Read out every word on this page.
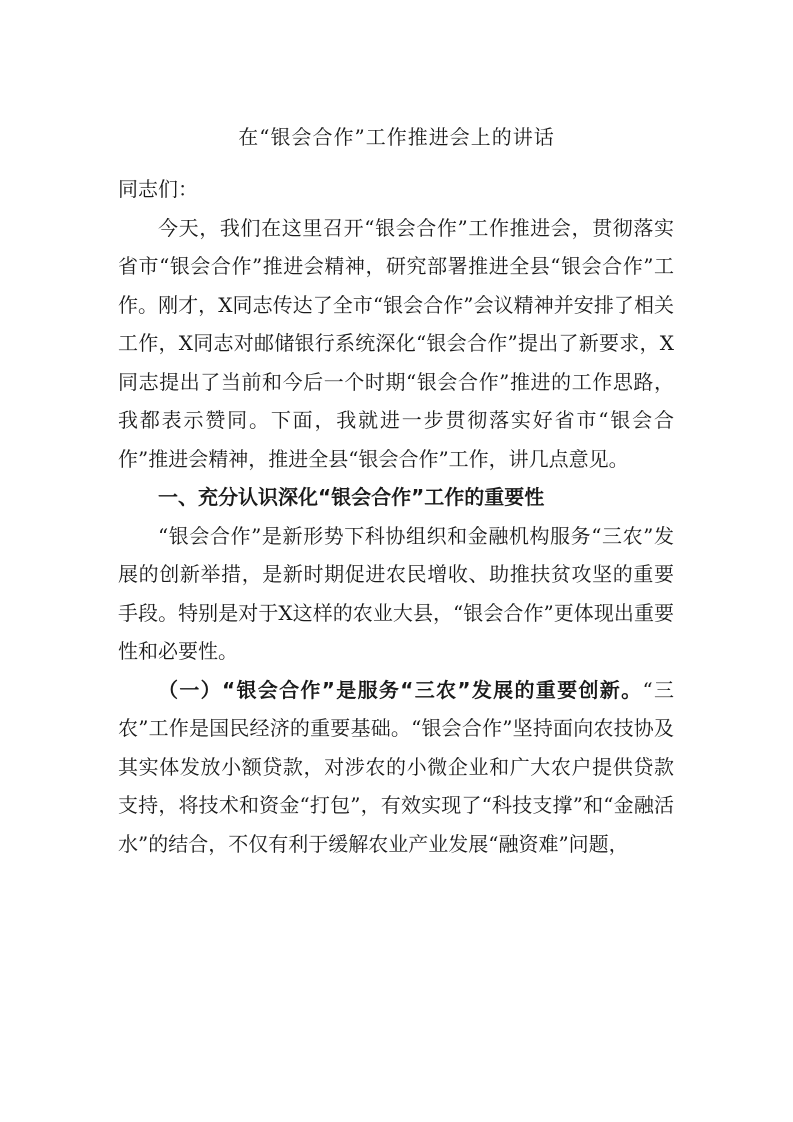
在“银会合作”工作推进会上的讲话

同志们：

今天，我们在这里召开“银会合作”工作推进会，贯彻落实省市“银会合作”推进会精神，研究部署推进全县“银会合作”工作。刚才，X同志传达了全市“银会合作”会议精神并安排了相关工作，X同志对邮储银行系统深化“银会合作”提出了新要求，X同志提出了当前和今后一个时期“银会合作”推进的工作思路，我都表示赞同。下面，我就进一步贯彻落实好省市“银会合作”推进会精神，推进全县“银会合作”工作，讲几点意见。

一、充分认识深化“银会合作”工作的重要性

“银会合作”是新形势下科协组织和金融机构服务“三农”发展的创新举措，是新时期促进农民增收、助推扶贫攻坚的重要手段。特别是对于X这样的农业大县，“银会合作”更体现出重要性和必要性。

（一）“银会合作”是服务“三农”发展的重要创新。“三农”工作是国民经济的重要基础。“银会合作”坚持面向农技协及其实体发放小额贷款，对涉农的小微企业和广大农户提供贷款支持，将技术和资金“打包”，有效实现了“科技支撑”和“金融活水”的结合，不仅有利于缓解农业产业发展“融资难”问题，
